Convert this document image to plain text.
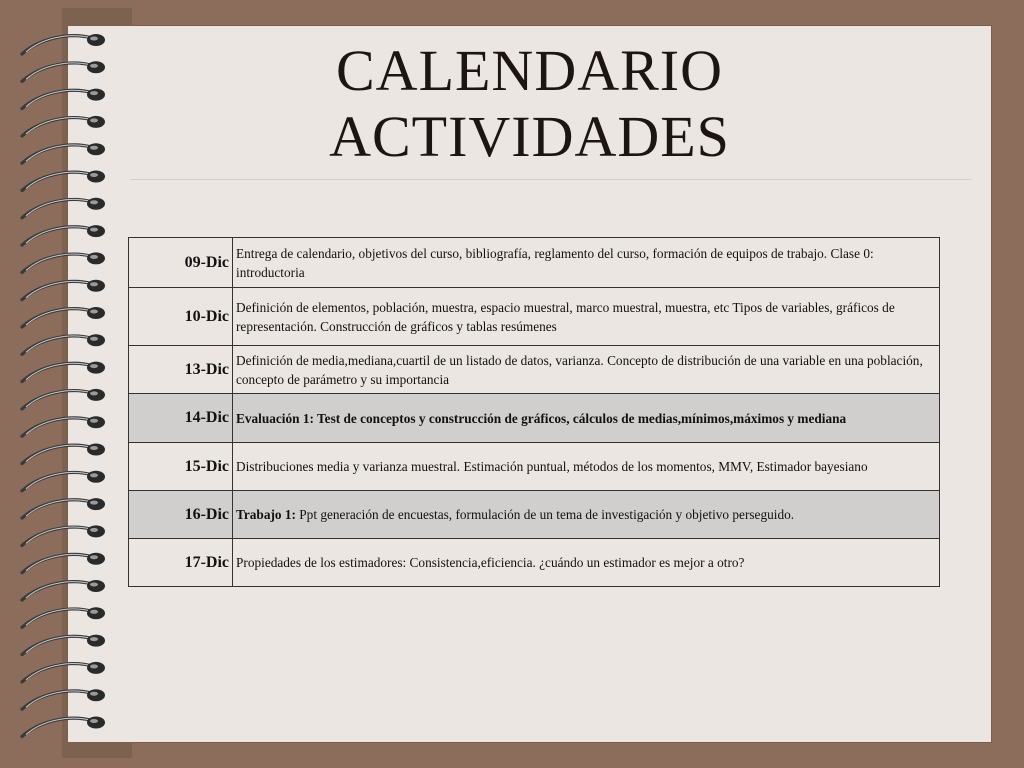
CALENDARIO
ACTIVIDADES
09-Dic	Entrega de calendario, objetivos del curso, bibliografía, reglamento del curso, formación de equipos de trabajo. Clase 0: introductoria
10-Dic	Definición de elementos, población, muestra, espacio muestral, marco muestral, muestra, etc Tipos de variables, gráficos de representación. Construcción de gráficos y tablas resúmenes
13-Dic	Definición de media,mediana,cuartil de un listado de datos, varianza. Concepto de distribución de una variable en una población, concepto de parámetro y su importancia
14-Dic	Evaluación 1: Test de conceptos y construcción de gráficos, cálculos de medias,mínimos,máximos y mediana
15-Dic	Distribuciones media y varianza muestral. Estimación puntual, métodos de los momentos, MMV, Estimador bayesiano
16-Dic	Trabajo 1: Ppt generación de encuestas, formulación de un tema de investigación y objetivo perseguido.
17-Dic	Propiedades de los estimadores: Consistencia,eficiencia. ¿cuándo un estimador es mejor a otro?
